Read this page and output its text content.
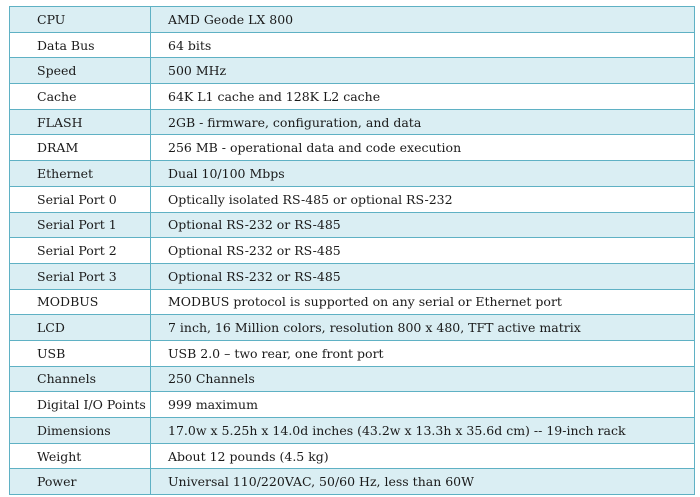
CPU	AMD Geode LX 800
Data Bus	64 bits
Speed	500 MHz
Cache	64K L1 cache and 128K L2 cache
FLASH	2GB - firmware, configuration, and data
DRAM	256 MB - operational data and code execution
Ethernet	Dual 10/100 Mbps
Serial Port 0	Optically isolated RS-485 or optional RS-232
Serial Port 1	Optional RS-232 or RS-485
Serial Port 2	Optional RS-232 or RS-485
Serial Port 3	Optional RS-232 or RS-485
MODBUS	MODBUS protocol is supported on any serial or Ethernet port
LCD	7 inch, 16 Million colors, resolution 800 x 480, TFT active matrix
USB	USB 2.0 – two rear, one front port
Channels	250 Channels
Digital I/O Points	999 maximum
Dimensions	17.0w x 5.25h x 14.0d inches (43.2w x 13.3h x 35.6d cm) -- 19-inch rack
Weight	About 12 pounds (4.5 kg)
Power	Universal 110/220VAC, 50/60 Hz, less than 60W
